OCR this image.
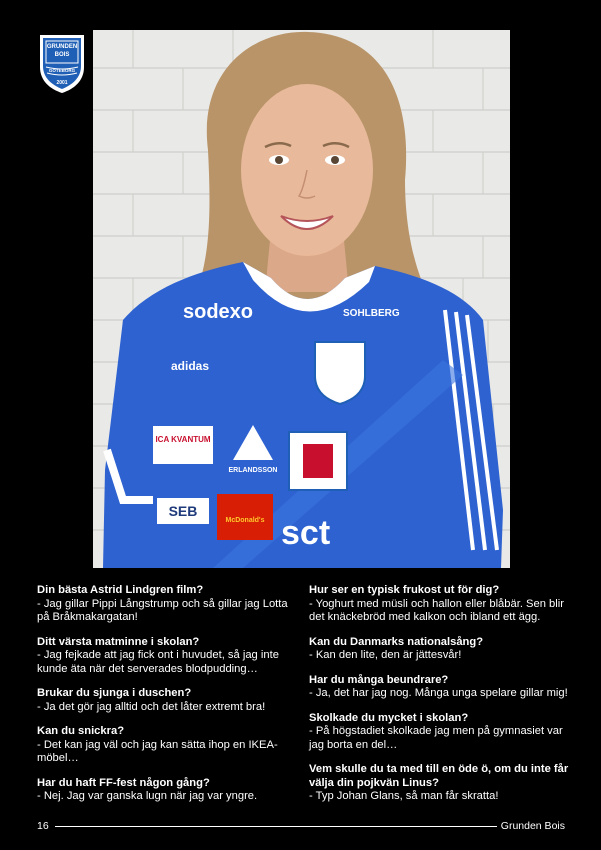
GRUNDEN
BOIS
GÖTEBORG
2001
sodexo	SOHLBERG
adidas
ICA KVANTUM
ERLANDSSON
SEB
McDonald's sct

Din bästa Astrid Lindgren film?

- Jag gillar Pippi Långstrump och så gillar jag Lotta på Bråkmakargatan!

Ditt värsta matminne i skolan?

- Jag fejkade att jag fick ont i huvudet, så jag inte kunde äta när det serverades blodpudding…

Brukar du sjunga i duschen?

- Ja det gör jag alltid och det låter extremt bra!

Kan du snickra?

- Det kan jag väl och jag kan sätta ihop en IKEA-möbel…

Har du haft FF-fest någon gång?

- Nej. Jag var ganska lugn när jag var yngre.

Hur ser en typisk frukost ut för dig?

- Yoghurt med müsli och hallon eller blåbär. Sen blir det knäckebröd med kalkon och ibland ett ägg.

Kan du Danmarks nationalsång?

- Kan den lite, den är jättesvår!

Har du många beundrare?

- Ja, det har jag nog. Många unga spelare gillar mig!

Skolkade du mycket i skolan?

- På högstadiet skolkade jag men på gymnasiet var jag borta en del…

Vem skulle du ta med till en öde ö, om du inte får välja din pojkvän Linus?

- Typ Johan Glans, så man får skratta!

16	Grunden Bois
